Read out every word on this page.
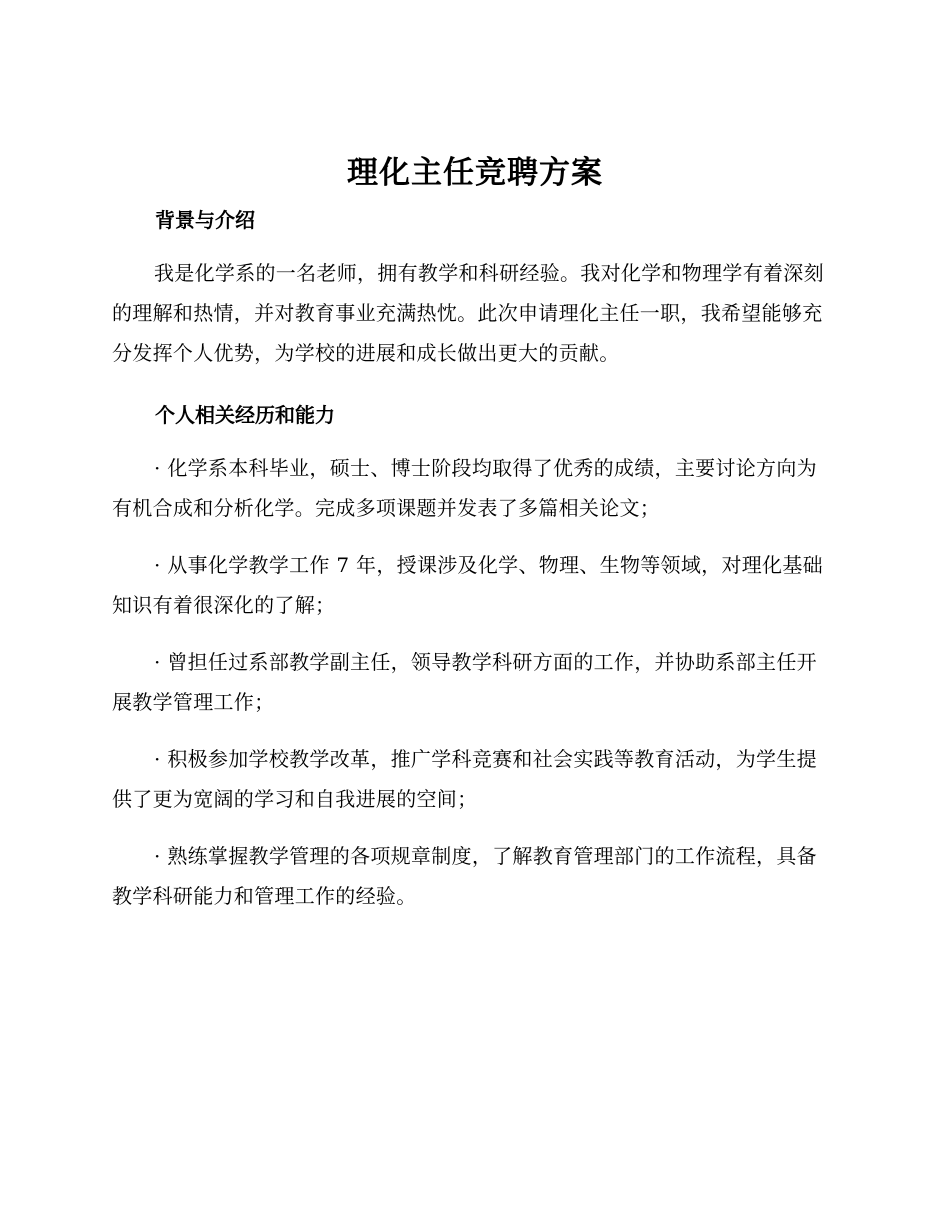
理化主任竞聘方案
背景与介绍

我是化学系的一名老师，拥有教学和科研经验。我对化学和物理学有着深刻的理解和热情，并对教育事业充满热忱。此次申请理化主任一职，我希望能够充分发挥个人优势，为学校的进展和成长做出更大的贡献。

个人相关经历和能力

· 化学系本科毕业，硕士、博士阶段均取得了优秀的成绩，主要讨论方向为有机合成和分析化学。完成多项课题并发表了多篇相关论文；

· 从事化学教学工作 7 年，授课涉及化学、物理、生物等领域，对理化基础知识有着很深化的了解；

· 曾担任过系部教学副主任，领导教学科研方面的工作，并协助系部主任开展教学管理工作；

· 积极参加学校教学改革，推广学科竞赛和社会实践等教育活动，为学生提供了更为宽阔的学习和自我进展的空间；

· 熟练掌握教学管理的各项规章制度，了解教育管理部门的工作流程，具备教学科研能力和管理工作的经验。
